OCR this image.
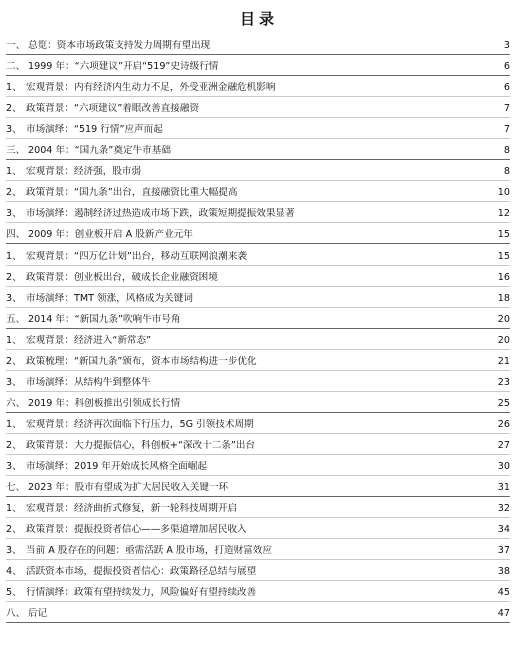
目录
一、 总览：资本市场政策支持发力周期有望出现	3
二、 1999 年：“六项建议”开启“519”史诗级行情	6
1、 宏观背景：内有经济内生动力不足，外受亚洲金融危机影响	6
2、 政策背景：“六项建议”着眼改善直接融资	7
3、 市场演绎：“519 行情”应声而起	7
三、 2004 年：“国九条”奠定牛市基础	8
1、 宏观背景：经济强，股市弱	8
2、 政策背景：“国九条”出台，直接融资比重大幅提高	10
3、 市场演绎：遏制经济过热造成市场下跌，政策短期提振效果显著	12
四、 2009 年：创业板开启 A 股新产业元年	15
1、 宏观背景：“四万亿计划”出台，移动互联网浪潮来袭	15
2、 政策背景：创业板出台，破成长企业融资困境	16
3、 市场演绎：TMT 领涨，风格成为关键词	18
五、 2014 年：“新国九条”吹响牛市号角	20
1、 宏观背景：经济进入“新常态”	20
2、 政策梳理：“新国九条”颁布，资本市场结构进一步优化	21
3、 市场演绎：从结构牛到整体牛	23
六、 2019 年：科创板推出引领成长行情	25
1、 宏观背景：经济再次面临下行压力，5G 引领技术周期	26
2、 政策背景：大力提振信心，科创板+“深改十二条”出台	27
3、 市场演绎：2019 年开始成长风格全面崛起	30
七、 2023 年：股市有望成为扩大居民收入关键一环	31
1、 宏观背景：经济曲折式修复，新一轮科技周期开启	32
2、 政策背景：提振投资者信心——多渠道增加居民收入	34
3、 当前 A 股存在的问题：亟需活跃 A 股市场，打造财富效应	37
4、 活跃资本市场，提振投资者信心：政策路径总结与展望	38
5、 行情演绎：政策有望持续发力，风险偏好有望持续改善	45
八、 后记	47
